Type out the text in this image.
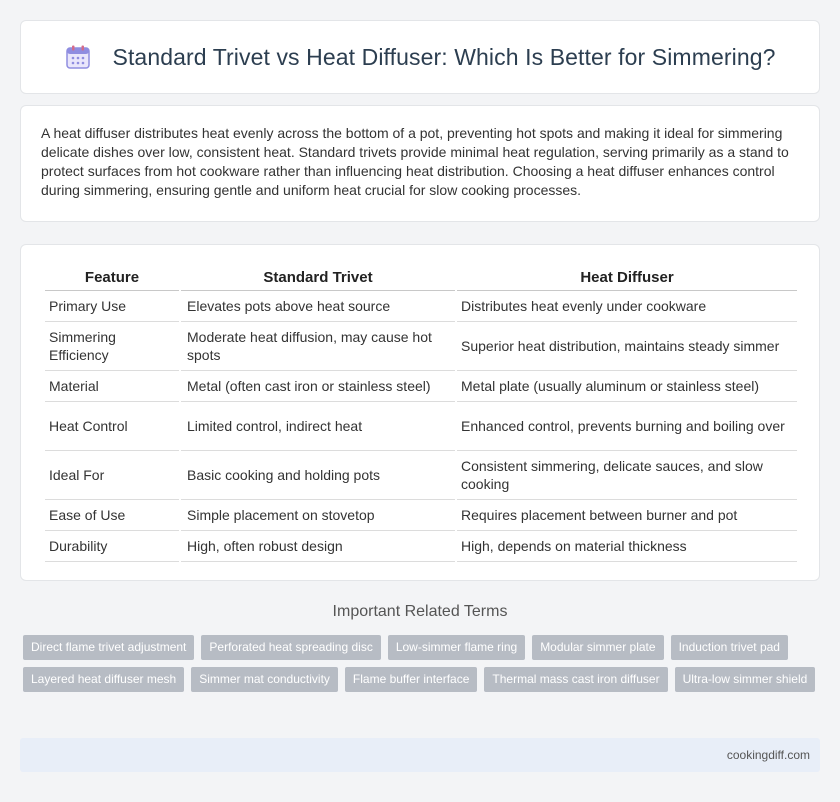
Standard Trivet vs Heat Diffuser: Which Is Better for Simmering?

A heat diffuser distributes heat evenly across the bottom of a pot, preventing hot spots and making it ideal for simmering delicate dishes over low, consistent heat. Standard trivets provide minimal heat regulation, serving primarily as a stand to protect surfaces from hot cookware rather than influencing heat distribution. Choosing a heat diffuser enhances control during simmering, ensuring gentle and uniform heat crucial for slow cooking processes.

Feature	Standard Trivet	Heat Diffuser
Primary Use	Elevates pots above heat source	Distributes heat evenly under cookware
Simmering Efficiency	Moderate heat diffusion, may cause hot spots	Superior heat distribution, maintains steady simmer
Material	Metal (often cast iron or stainless steel)	Metal plate (usually aluminum or stainless steel)
Heat Control	Limited control, indirect heat	Enhanced control, prevents burning and boiling over
Ideal For	Basic cooking and holding pots	Consistent simmering, delicate sauces, and slow cooking
Ease of Use	Simple placement on stovetop	Requires placement between burner and pot
Durability	High, often robust design	High, depends on material thickness
Important Related Terms
Direct flame trivet adjustment	Perforated heat spreading disc	Low-simmer flame ring	Modular simmer plate	Induction trivet pad
Layered heat diffuser mesh	Simmer mat conductivity	Flame buffer interface	Thermal mass cast iron diffuser	Ultra-low simmer shield
cookingdiff.com
